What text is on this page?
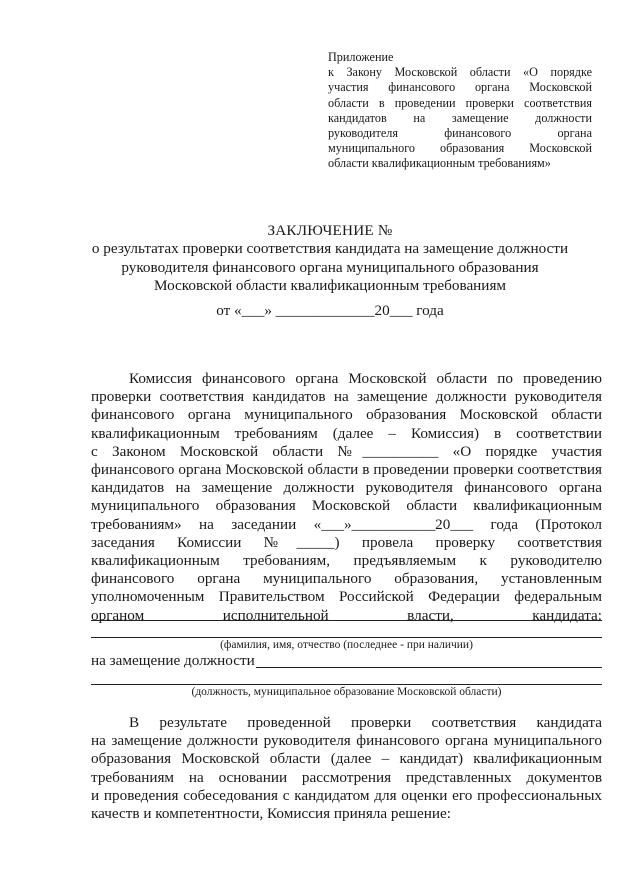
Приложение
к Закону Московской области «О порядке
участия финансового органа Московской
области в проведении проверки соответствия
кандидатов на замещение должности
руководителя финансового органа
муниципального образования Московской
области квалификационным требованиям»
ЗАКЛЮЧЕНИЕ №
о результатах проверки соответствия кандидата на замещение должности
руководителя финансового органа муниципального образования
Московской области квалификационным требованиям
от «___» _____________20___ года
Комиссия финансового органа Московской области по проведению
проверки соответствия кандидатов на замещение должности руководителя
финансового органа муниципального образования Московской области
квалификационным требованиям (далее – Комиссия) в соответствии
с Законом Московской области №__________ «О порядке участия
финансового органа Московской области в проведении проверки соответствия
кандидатов на замещение должности руководителя финансового органа
муниципального образования Московской области квалификационным
требованиям» на заседании «___»___________20___ года (Протокол
заседания Комиссии №_____) провела проверку соответствия
квалификационным требованиям, предъявляемым к руководителю
финансового органа муниципального образования, установленным
уполномоченным Правительством Российской Федерации федеральным
органом исполнительной власти, кандидата:
(фамилия, имя, отчество (последнее - при наличии)
на замещение должности
(должность, муниципальное образование Московской области)
В результате проведенной проверки соответствия кандидата
на замещение должности руководителя финансового органа муниципального
образования Московской области (далее – кандидат) квалификационным
требованиям на основании рассмотрения представленных документов
и проведения собеседования с кандидатом для оценки его профессиональных
качеств и компетентности, Комиссия приняла решение:
